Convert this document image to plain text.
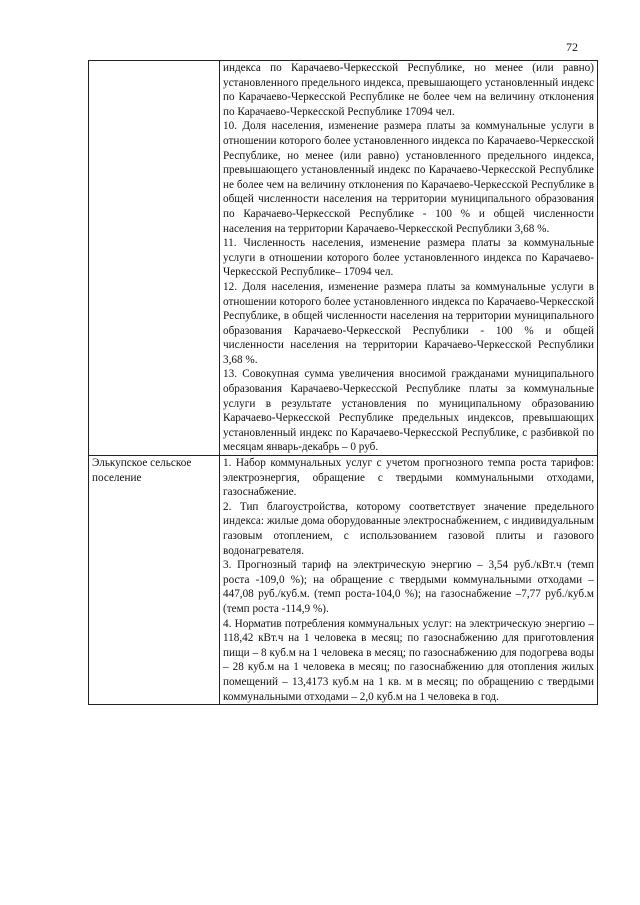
72

	индекса по Карачаево-Черкесской Республике, но менее (или равно) установленного предельного индекса, превышающего установленный индекс по Карачаево-Черкесской Республике не более чем на величину отклонения по Карачаево-Черкесской Республике 17094 чел.

10. Доля населения, изменение размера платы за коммунальные услуги в отношении которого более установленного индекса по Карачаево-Черкесской Республике, но менее (или равно) установленного предельного индекса, превышающего установленный индекс по Карачаево-Черкесской Республике не более чем на величину отклонения по Карачаево-Черкесской Республике в общей численности населения на территории муниципального образования по Карачаево-Черкесской Республике - 100 % и общей численности населения на территории Карачаево-Черкесской Республики 3,68 %.

11. Численность населения, изменение размера платы за коммунальные услуги в отношении которого более установленного индекса по Карачаево-Черкесской Республике– 17094 чел.

12. Доля населения, изменение размера платы за коммунальные услуги в отношении которого более установленного индекса по Карачаево-Черкесской Республике, в общей численности населения на территории муниципального образования Карачаево-Черкесской Республики - 100 % и общей численности населения на территории Карачаево-Черкесской Республики 3,68 %.

13. Совокупная сумма увеличения вносимой гражданами муниципального образования Карачаево-Черкесской Республике платы за коммунальные услуги в результате установления по муниципальному образованию Карачаево-Черкесской Республике предельных индексов, превышающих установленный индекс по Карачаево-Черкесской Республике, с разбивкой по месяцам январь-декабрь – 0 руб.

Элькупское сельское поселение	1. Набор коммунальных услуг с учетом прогнозного темпа роста тарифов: электроэнергия, обращение с твердыми коммунальными отходами, газоснабжение.

2. Тип благоустройства, которому соответствует значение предельного индекса: жилые дома оборудованные электроснабжением, с индивидуальным газовым отоплением, с использованием газовой плиты и газового водонагревателя.

3. Прогнозный тариф на электрическую энергию – 3,54 руб./кВт.ч (темп роста -109,0 %); на обращение с твердыми коммунальными отходами – 447,08 руб./куб.м. (темп роста-104,0 %); на газоснабжение –7,77 руб./куб.м (темп роста -114,9 %).

4. Норматив потребления коммунальных услуг: на электрическую энергию – 118,42 кВт.ч на 1 человека в месяц; по газоснабжению для приготовления пищи – 8 куб.м на 1 человека в месяц; по газоснабжению для подогрева воды – 28 куб.м на 1 человека в месяц; по газоснабжению для отопления жилых помещений – 13,4173 куб.м на 1 кв. м в месяц; по обращению с твердыми коммунальными отходами – 2,0 куб.м на 1 человека в год.
